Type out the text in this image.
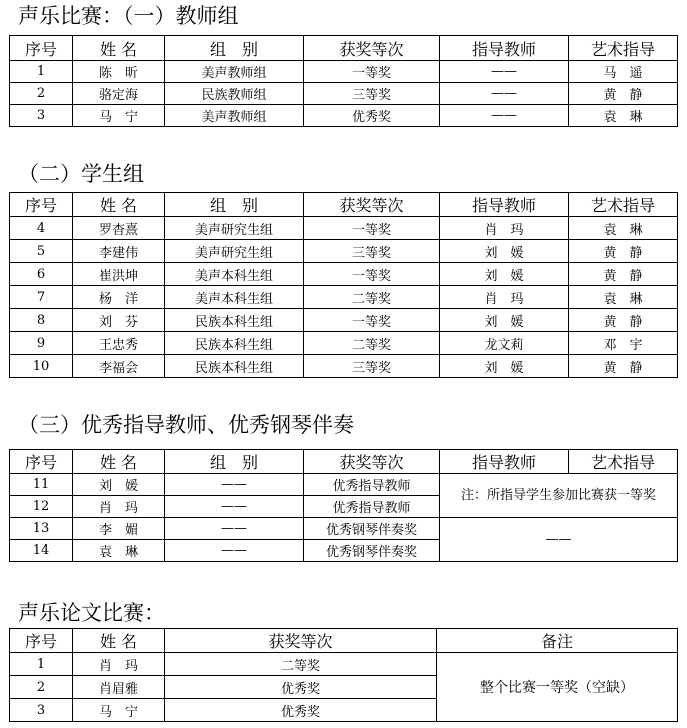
声乐比赛：（一）教师组
序号	姓 名	组　别	获奖等次	指导教师	艺术指导
1	陈　昕	美声教师组	一等奖	——	马　遥
2	骆定海	民族教师组	三等奖	——	黄　静
3	马　宁	美声教师组	优秀奖	——	袁　琳
（二）学生组
序号	姓 名	组　别	获奖等次	指导教师	艺术指导
4	罗杳熹	美声研究生组	一等奖	肖　玛	袁　琳
5	李建伟	美声研究生组	三等奖	刘　媛	黄　静
6	崔洪坤	美声本科生组	一等奖	刘　媛	黄　静
7	杨　洋	美声本科生组	二等奖	肖　玛	袁　琳
8	刘　芬	民族本科生组	一等奖	刘　媛	黄　静
9	王忠秀	民族本科生组	二等奖	龙文莉	邓　宇
10	李福会	民族本科生组	三等奖	刘　媛	黄　静
（三）优秀指导教师、优秀钢琴伴奏
序号	姓 名	组　别	获奖等次	指导教师	艺术指导
11	刘　媛	——	优秀指导教师	注：所指导学生参加比赛获一等奖	
12	肖　玛	——	优秀指导教师		
13	李　媚	——	优秀钢琴伴奏奖	——	
14	袁　琳	——	优秀钢琴伴奏奖		
声乐论文比赛：
序号	姓 名	获奖等次	备注
1	肖　玛	二等奖	整个比赛一等奖（空缺）
2	肖眉雅	优秀奖	
3	马　宁	优秀奖	
